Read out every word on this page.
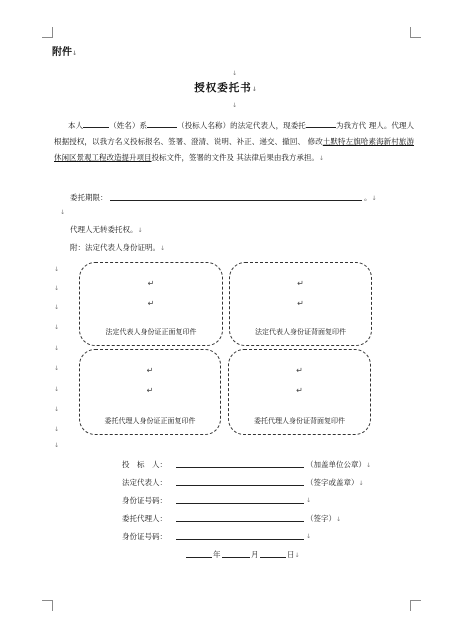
附件↓
↓
授权委托书↓
↓
本人	（姓名）系	（投标人名称）的法定代表人，现委托	为我方代 理人。代理人根据授权，以我方名义投标报名、签署、澄清、说明、补正、递交、撤回、 修改土默特左旗哈素海新村旅游休闲区景观工程改造提升项目投标文件，签署的文件及 其法律后果由我方承担。↓
委托期限：	。↓
↓
代理人无转委托权。↓
附：法定代表人身份证明。↓
↓
↓
↓
↓
↓
↓
↓
↓
↓
↓
↵
↵
法定代表人身份证正面复印件
↵
↵
法定代表人身份证背面复印件
↵
↵
委托代理人身份证正面复印件
↵
↵
委托代理人身份证背面复印件
投　标　人：	（加盖单位公章）↓
法定代表人：	（签字或盖章）↓
身份证号码：	↓
委托代理人：	（签字）↓
身份证号码：	↓
年	月	日↓
